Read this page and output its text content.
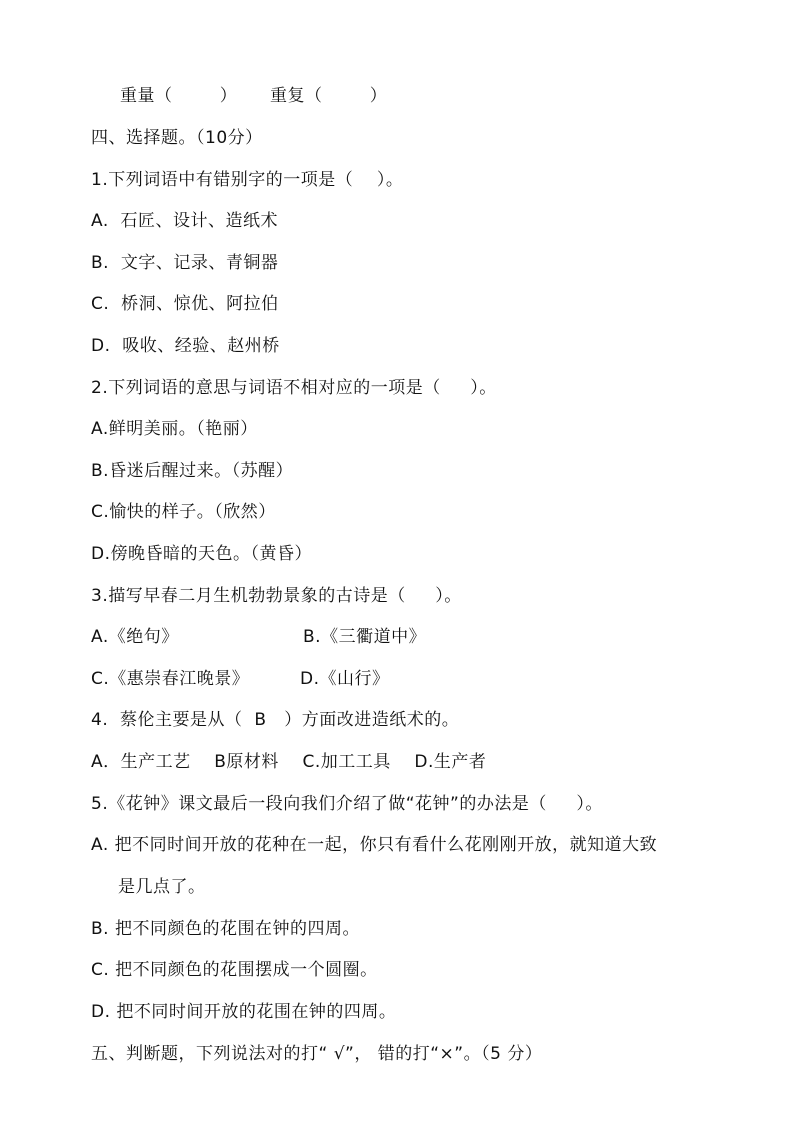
重量（        ） 重复（        ）
四、选择题。（10分）
1.下列词语中有错别字的一项是（    ）。
A.  石匠、设计、造纸术
B.  文字、记录、青铜器
C.  桥洞、惊优、阿拉伯
D.  吸收、经验、赵州桥
2.下列词语的意思与词语不相对应的一项是（     ）。
A.鲜明美丽。（艳丽）
B.昏迷后醒过来。（苏醒）
C.愉快的样子。（欣然）
D.傍晚昏暗的天色。（黄昏）
3.描写早春二月生机勃勃景象的古诗是（     ）。
A.《绝句》	B.《三衢道中》
C.《惠崇春江晚景》	D.《山行》
4.  蔡伦主要是从（  B   ）方面改进造纸术的。
A．生产工艺    B原材料    C.加工工具    D.生产者
5.《花钟》课文最后一段向我们介绍了做“花钟”的办法是（     ）。
A. 把不同时间开放的花种在一起，你只有看什么花刚刚开放，就知道大致
是几点了。
B. 把不同颜色的花围在钟的四周。
C. 把不同颜色的花围摆成一个圆圈。
D. 把不同时间开放的花围在钟的四周。
五、判断题，下列说法对的打“ √”， 错的打“×”。（5 分）
